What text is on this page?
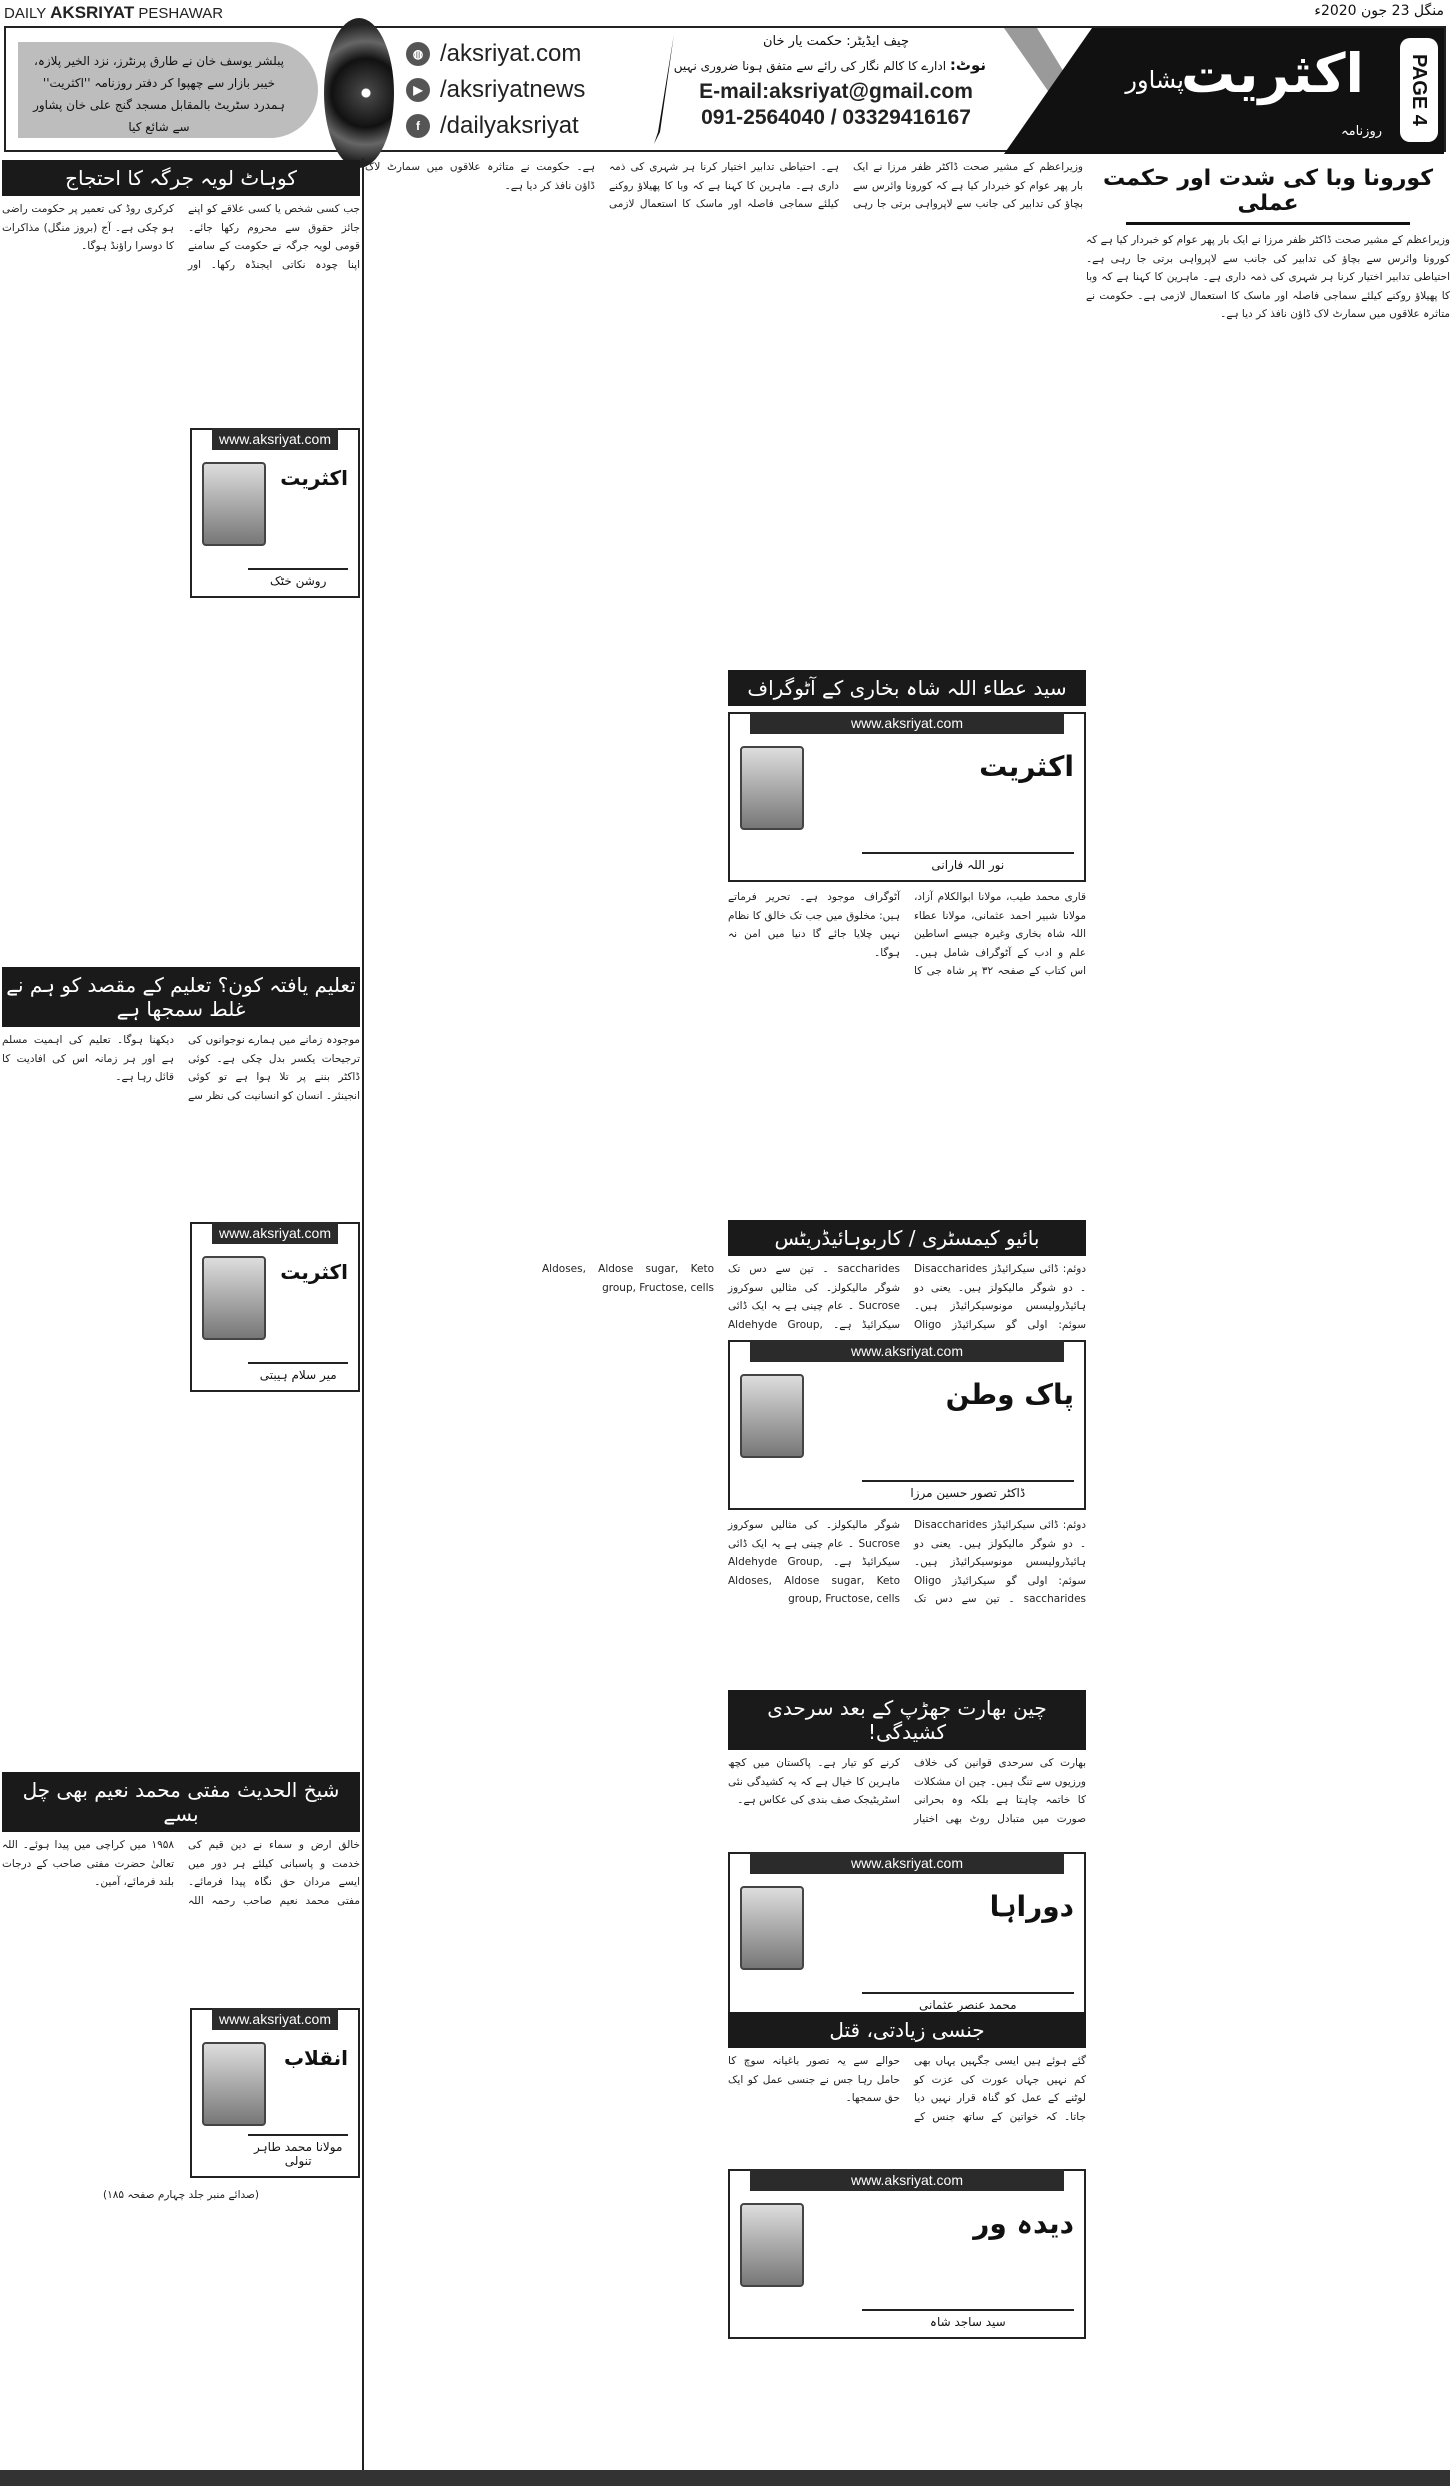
DAILY AKSRIYAT PESHAWAR	منگل 23 جون 2020ء
پبلشر یوسف خان نے طارق پرنٹرز، نزد الخیر پلازہ، خیبر بازار سے چھپوا کر دفتر روزنامہ ''اکثریت'' ہمدرد سٹریٹ بالمقابل مسجد گنج علی خان پشاور سے شائع کیا
◍ /aksriyat.com
▶ /aksriyatnews
f /dailyaksriyat
چیف ایڈیٹر: حکمت یار خان
نوٹ: ادارے کا کالم نگار کی رائے سے متفق ہونا ضروری نہیں
E-mail:aksriyat@gmail.com
091-2564040 / 03329416167
اکثریت
پشاور
روزنامہ
PAGE 4
کورونا وبا کی شدت اور حکمت عملی
وزیراعظم کے مشیر صحت ڈاکٹر ظفر مرزا نے ایک بار پھر عوام کو خبردار کیا ہے کہ کورونا وائرس سے بچاؤ کی تدابیر کی جانب سے لاپرواہی برتی جا رہی ہے۔ احتیاطی تدابیر اختیار کرنا ہر شہری کی ذمہ داری ہے۔ ماہرین کا کہنا ہے کہ وبا کا پھیلاؤ روکنے کیلئے سماجی فاصلہ اور ماسک کا استعمال لازمی ہے۔ حکومت نے متاثرہ علاقوں میں سمارٹ لاک ڈاؤن نافذ کر دیا ہے۔
وزیراعظم کے مشیر صحت ڈاکٹر ظفر مرزا نے ایک بار پھر عوام کو خبردار کیا ہے کہ کورونا وائرس سے بچاؤ کی تدابیر کی جانب سے لاپرواہی برتی جا رہی ہے۔ احتیاطی تدابیر اختیار کرنا ہر شہری کی ذمہ داری ہے۔ ماہرین کا کہنا ہے کہ وبا کا پھیلاؤ روکنے کیلئے سماجی فاصلہ اور ماسک کا استعمال لازمی ہے۔ حکومت نے متاثرہ علاقوں میں سمارٹ لاک ڈاؤن نافذ کر دیا ہے۔
سید عطاء اللہ شاہ بخاری کے آٹوگراف
www.aksriyat.com
اکثریت
نور اللہ فارانی
قاری محمد طیب، مولانا ابوالکلام آزاد، مولانا شبیر احمد عثمانی، مولانا عطاء اللہ شاہ بخاری وغیرہ جیسے اساطین علم و ادب کے آٹوگراف شامل ہیں۔ اس کتاب کے صفحہ ۳۲ پر شاہ جی کا آٹوگراف موجود ہے۔ تحریر فرماتے ہیں: مخلوق میں جب تک خالق کا نظام نہیں چلایا جائے گا دنیا میں امن نہ ہوگا۔
بائیو کیمسٹری / کاربوہائیڈریٹس
دوئم: ڈائی سیکرائیڈز Disaccharides ۔ دو شوگر مالیکولز ہیں۔ یعنی دو ہائیڈرولیسس مونوسیکرائیڈز ہیں۔ سوئم: اولی گو سیکرائیڈز Oligo saccharides ۔ تین سے دس تک شوگر مالیکولز۔ کی مثالیں سوکروز Sucrose ۔ عام چینی ہے یہ ایک ڈائی سیکرائیڈ ہے۔ Aldehyde Group, Aldoses, Aldose sugar, Keto group, Fructose, cells
www.aksriyat.com
پاک وطن
ڈاکٹر تصور حسین مرزا
دوئم: ڈائی سیکرائیڈز Disaccharides ۔ دو شوگر مالیکولز ہیں۔ یعنی دو ہائیڈرولیسس مونوسیکرائیڈز ہیں۔ سوئم: اولی گو سیکرائیڈز Oligo saccharides ۔ تین سے دس تک شوگر مالیکولز۔ کی مثالیں سوکروز Sucrose ۔ عام چینی ہے یہ ایک ڈائی سیکرائیڈ ہے۔ Aldehyde Group, Aldoses, Aldose sugar, Keto group, Fructose, cells
چین بھارت جھڑپ کے بعد سرحدی کشیدگی!
بھارت کی سرحدی قوانین کی خلاف ورزیوں سے تنگ ہیں۔ چین ان مشکلات کا خاتمہ چاہتا ہے بلکہ وہ بحرانی صورت میں متبادل روٹ بھی اختیار کرنے کو تیار ہے۔ پاکستان میں کچھ ماہرین کا خیال ہے کہ یہ کشیدگی نئی اسٹریٹیجک صف بندی کی عکاس ہے۔
www.aksriyat.com
دوراہا
محمد عنصر عثمانی
جنسی زیادتی، قتل
گئے ہوئے ہیں ایسی جگہیں یہاں بھی کم نہیں جہاں عورت کی عزت کو لوٹنے کے عمل کو گناہ قرار نہیں دیا جاتا۔ کہ خواتین کے ساتھ جنس کے حوالے سے یہ تصور باغیانہ سوچ کا حامل رہا جس نے جنسی عمل کو ایک حق سمجھا۔
www.aksriyat.com
دیدہ ور
سید ساجد شاہ
کوہاٹ لویہ جرگہ کا احتجاج
جب کسی شخص یا کسی علاقے کو اپنے جائز حقوق سے محروم رکھا جائے۔ قومی لویہ جرگہ نے حکومت کے سامنے اپنا چودہ نکاتی ایجنڈہ رکھا۔ اور کرکری روڈ کی تعمیر پر حکومت راضی ہو چکی ہے۔ آج (بروز منگل) مذاکرات کا دوسرا راؤنڈ ہوگا۔
www.aksriyat.com
اکثریت
روشن خٹک
تعلیم یافتہ کون؟ تعلیم کے مقصد کو ہم نے غلط سمجھا ہے
موجودہ زمانے میں ہمارے نوجوانوں کی ترجیحات یکسر بدل چکی ہے۔ کوئی ڈاکٹر بننے پر تلا ہوا ہے تو کوئی انجینئر۔ انسان کو انسانیت کی نظر سے دیکھنا ہوگا۔ تعلیم کی اہمیت مسلم ہے اور ہر زمانہ اس کی افادیت کا قائل رہا ہے۔
www.aksriyat.com
اکثریت
میر سلام ہیبتی
شیخ الحدیث مفتی محمد نعیم بھی چل بسے
خالق ارض و سماء نے دین قیم کی خدمت و پاسبانی کیلئے ہر دور میں ایسے مردان حق نگاہ پیدا فرمائے۔ مفتی محمد نعیم صاحب رحمہ اللہ ۱۹۵۸ میں کراچی میں پیدا ہوئے۔ اللہ تعالیٰ حضرت مفتی صاحب کے درجات بلند فرمائے، آمین۔
www.aksriyat.com
انقلاب
مولانا محمد طاہر تنولی
(صدائے منبر جلد چہارم صفحہ ۱۸۵)
